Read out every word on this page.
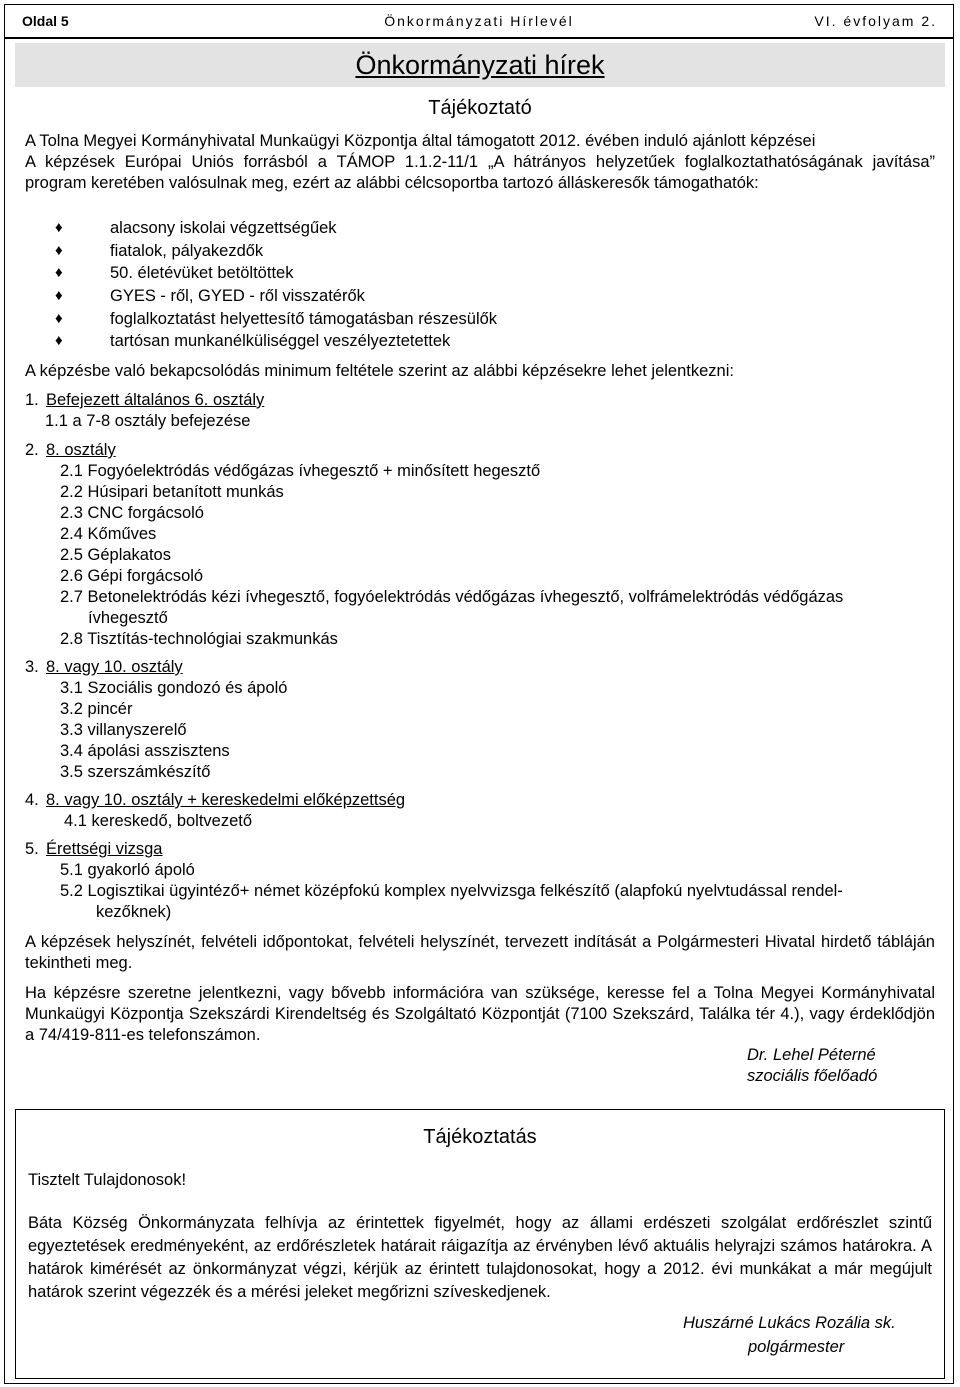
Oldal 5	Önkormányzati Hírlevél	VI. évfolyam 2.
Önkormányzati hírek
Tájékoztató
A Tolna Megyei Kormányhivatal Munkaügyi Központja által támogatott 2012. évében induló ajánlott képzései
A képzések Európai Uniós forrásból a TÁMOP 1.1.2-11/1 „A hátrányos helyzetűek foglalkoztathatóságának javítása” program keretében valósulnak meg, ezért az alábbi célcsoportba tartozó álláskeresők támogathatók:
♦	alacsony iskolai végzettségűek
♦	fiatalok, pályakezdők
♦	50. életévüket betöltöttek
♦	GYES - ről, GYED - ről visszatérők
♦	foglalkoztatást helyettesítő támogatásban részesülők
♦	tartósan munkanélküliséggel veszélyeztetettek
A képzésbe való bekapcsolódás minimum feltétele szerint az alábbi képzésekre lehet jelentkezni:
1. Befejezett általános 6. osztály
1.1 a 7-8 osztály befejezése
2. 8. osztály
2.1 Fogyóelektródás védőgázas ívhegesztő + minősített hegesztő
2.2 Húsipari betanított munkás
2.3 CNC forgácsoló
2.4 Kőműves
2.5 Géplakatos
2.6 Gépi forgácsoló
2.7 Betonelektródás kézi ívhegesztő, fogyóelektródás védőgázas ívhegesztő, volfrámelektródás védőgázas
ívhegesztő
2.8 Tisztítás-technológiai szakmunkás
3. 8. vagy 10. osztály
3.1 Szociális gondozó és ápoló
3.2 pincér
3.3 villanyszerelő
3.4 ápolási asszisztens
3.5 szerszámkészítő
4. 8. vagy 10. osztály + kereskedelmi előképzettség
4.1 kereskedő, boltvezető
5. Érettségi vizsga
5.1 gyakorló ápoló
5.2 Logisztikai ügyintéző+ német középfokú komplex nyelvvizsga felkészítő (alapfokú nyelvtudással rendel-
kezőknek)
A képzések helyszínét, felvételi időpontokat, felvételi helyszínét, tervezett indítását a Polgármesteri Hivatal hirdető tábláján tekintheti meg.
Ha képzésre szeretne jelentkezni, vagy bővebb információra van szüksége, keresse fel a Tolna Megyei Kormányhivatal Munkaügyi Központja Szekszárdi Kirendeltség és Szolgáltató Központját (7100 Szekszárd, Találka tér 4.), vagy érdeklődjön a 74/419-811-es telefonszámon.
Dr. Lehel Péterné
szociális főelőadó
Tájékoztatás
Tisztelt Tulajdonosok!
Báta Község Önkormányzata felhívja az érintettek figyelmét, hogy az állami erdészeti szolgálat erdőrészlet szintű egyeztetések eredményeként, az erdőrészletek határait ráigazítja az érvényben lévő aktuális helyrajzi számos határokra. A határok kimérését az önkormányzat végzi, kérjük az érintett tulajdonosokat, hogy a 2012. évi munkákat a már megújult határok szerint végezzék és a mérési jeleket megőrizni szíveskedjenek.
Huszárné Lukács Rozália sk.
polgármester
